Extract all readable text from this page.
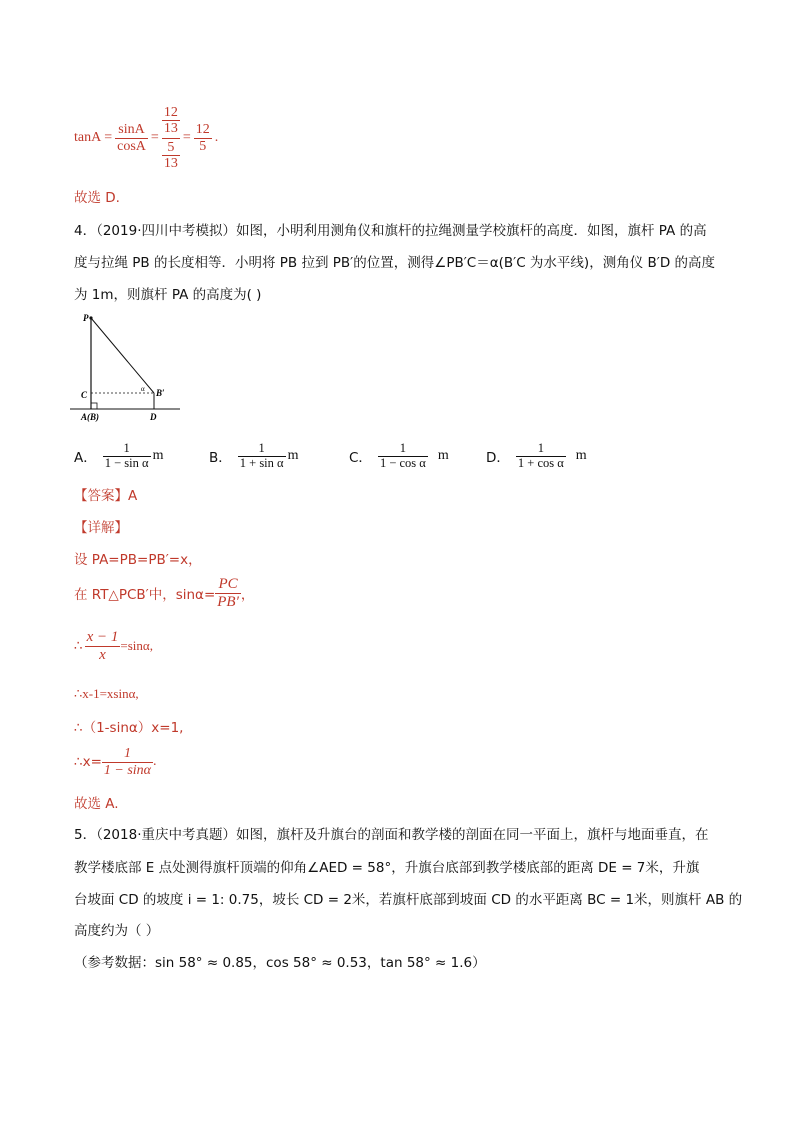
$\tan A = \frac{\sin A}{\cos A} = \frac{\frac{12}{13}}{\frac{5}{13}} = \frac{12}{5}$ .
故选 D.
4．（2019·四川中考模拟）如图，小明利用测角仪和旗杆的拉绳测量学校旗杆的高度．如图，旗杆 PA 的高
度与拉绳 PB 的长度相等．小明将 PB 拉到 PB′的位置，测得∠PB′C＝α(B′C 为水平线)，测角仪 B′D 的高度
为 1m，则旗杆 PA 的高度为( )
P
C
A(B)	D
B′
α
A． $\frac{1}{\text{1 − sin α}}$ m	B． $\frac{1}{\text{1 + sin α}}$ m	C． $\frac{1}{\text{1 − cos α}}$ m	D． $\frac{1}{\text{1 + cos α}}$ m
【答案】A
【详解】
设 PA=PB=PB′=x，
在 RT△PCB′中，$\sin\alpha= \frac{PC}{PB'}$ ，
∴ $\frac{x - 1}{x} =\sin\alpha$,
∴x-1=xsinα,
∴（1-sinα）x=1,
∴x= $\frac{1}{1 - \sin\alpha}$ .
故选 A.
5．（2018·重庆中考真题）如图，旗杆及升旗台的剖面和教学楼的剖面在同一平面上，旗杆与地面垂直，在
教学楼底部 E 点处测得旗杆顶端的仰角∠AED = 58°，升旗台底部到教学楼底部的距离 DE = 7米，升旗
台坡面 CD 的坡度 i = 1: 0.75，坡长 CD = 2米，若旗杆底部到坡面 CD 的水平距离 BC = 1米，则旗杆 AB 的
高度约为（ ）
（参考数据：sin 58° ≈ 0.85，cos 58° ≈ 0.53，tan 58° ≈ 1.6）
